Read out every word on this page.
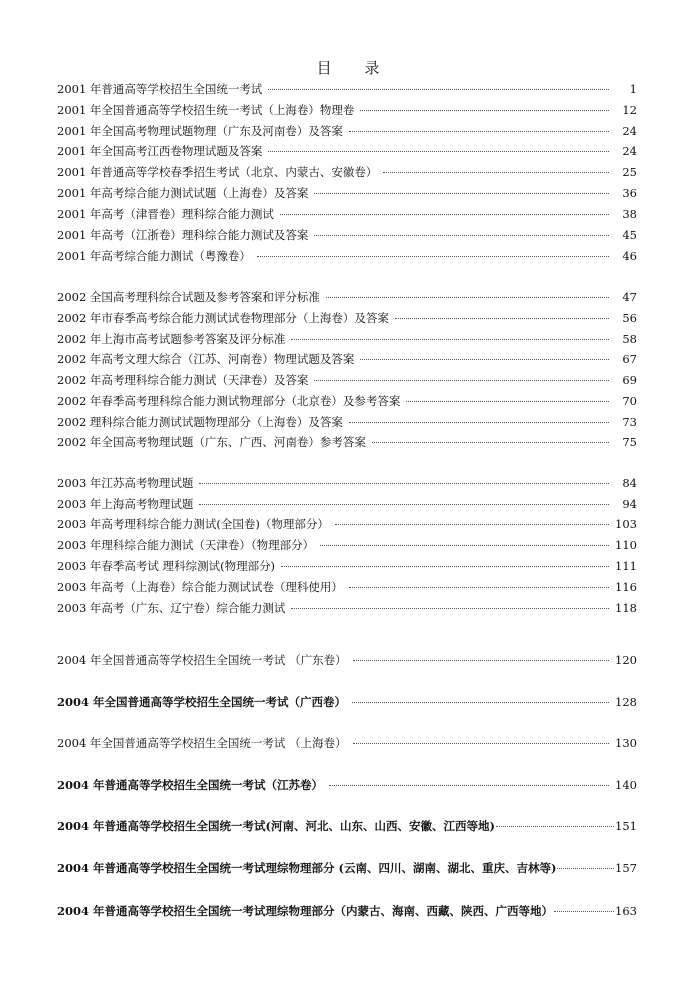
目 录
2001 年普通高等学校招生全国统一考试	1
2001 年全国普通高等学校招生统一考试（上海卷）物理卷	12
2001 年全国高考物理试题物理（广东及河南卷）及答案	24
2001 年全国高考江西卷物理试题及答案	24
2001 年普通高等学校春季招生考试（北京、内蒙古、安徽卷）	25
2001 年高考综合能力测试试题（上海卷）及答案	36
2001 年高考（津晋卷）理科综合能力测试	38
2001 年高考（江浙卷）理科综合能力测试及答案	45
2001 年高考综合能力测试（粤豫卷）	46
2002 全国高考理科综合试题及参考答案和评分标准	47
2002 年市春季高考综合能力测试试卷物理部分（上海卷）及答案	56
2002 年上海市高考试题参考答案及评分标准	58
2002 年高考文理大综合（江苏、河南卷）物理试题及答案	67
2002 年高考理科综合能力测试（天津卷）及答案	69
2002 年春季高考理科综合能力测试物理部分（北京卷）及参考答案	70
2002 理科综合能力测试试题物理部分（上海卷）及答案	73
2002 年全国高考物理试题（广东、广西、河南卷）参考答案	75
2003 年江苏高考物理试题	84
2003 年上海高考物理试题	94
2003 年高考理科综合能力测试(全国卷)（物理部分）	103
2003 年理科综合能力测试（天津卷）（物理部分）	110
2003 年春季高考试 理科综测试(物理部分)	111
2003 年高考（上海卷）综合能力测试试卷（理科使用）	116
2003 年高考（广东、辽宁卷）综合能力测试	118
2004 年全国普通高等学校招生全国统一考试 （广东卷）	120
2004 年全国普通高等学校招生全国统一考试（广西卷）	128
2004 年全国普通高等学校招生全国统一考试 （上海卷）	130
2004 年普通高等学校招生全国统一考试（江苏卷）	140
2004 年普通高等学校招生全国统一考试(河南、河北、山东、山西、安徽、江西等地)	151
2004 年普通高等学校招生全国统一考试理综物理部分 (云南、四川、湖南、湖北、重庆、吉林等)	157
2004 年普通高等学校招生全国统一考试理综物理部分（内蒙古、海南、西藏、陕西、广西等地）	163
